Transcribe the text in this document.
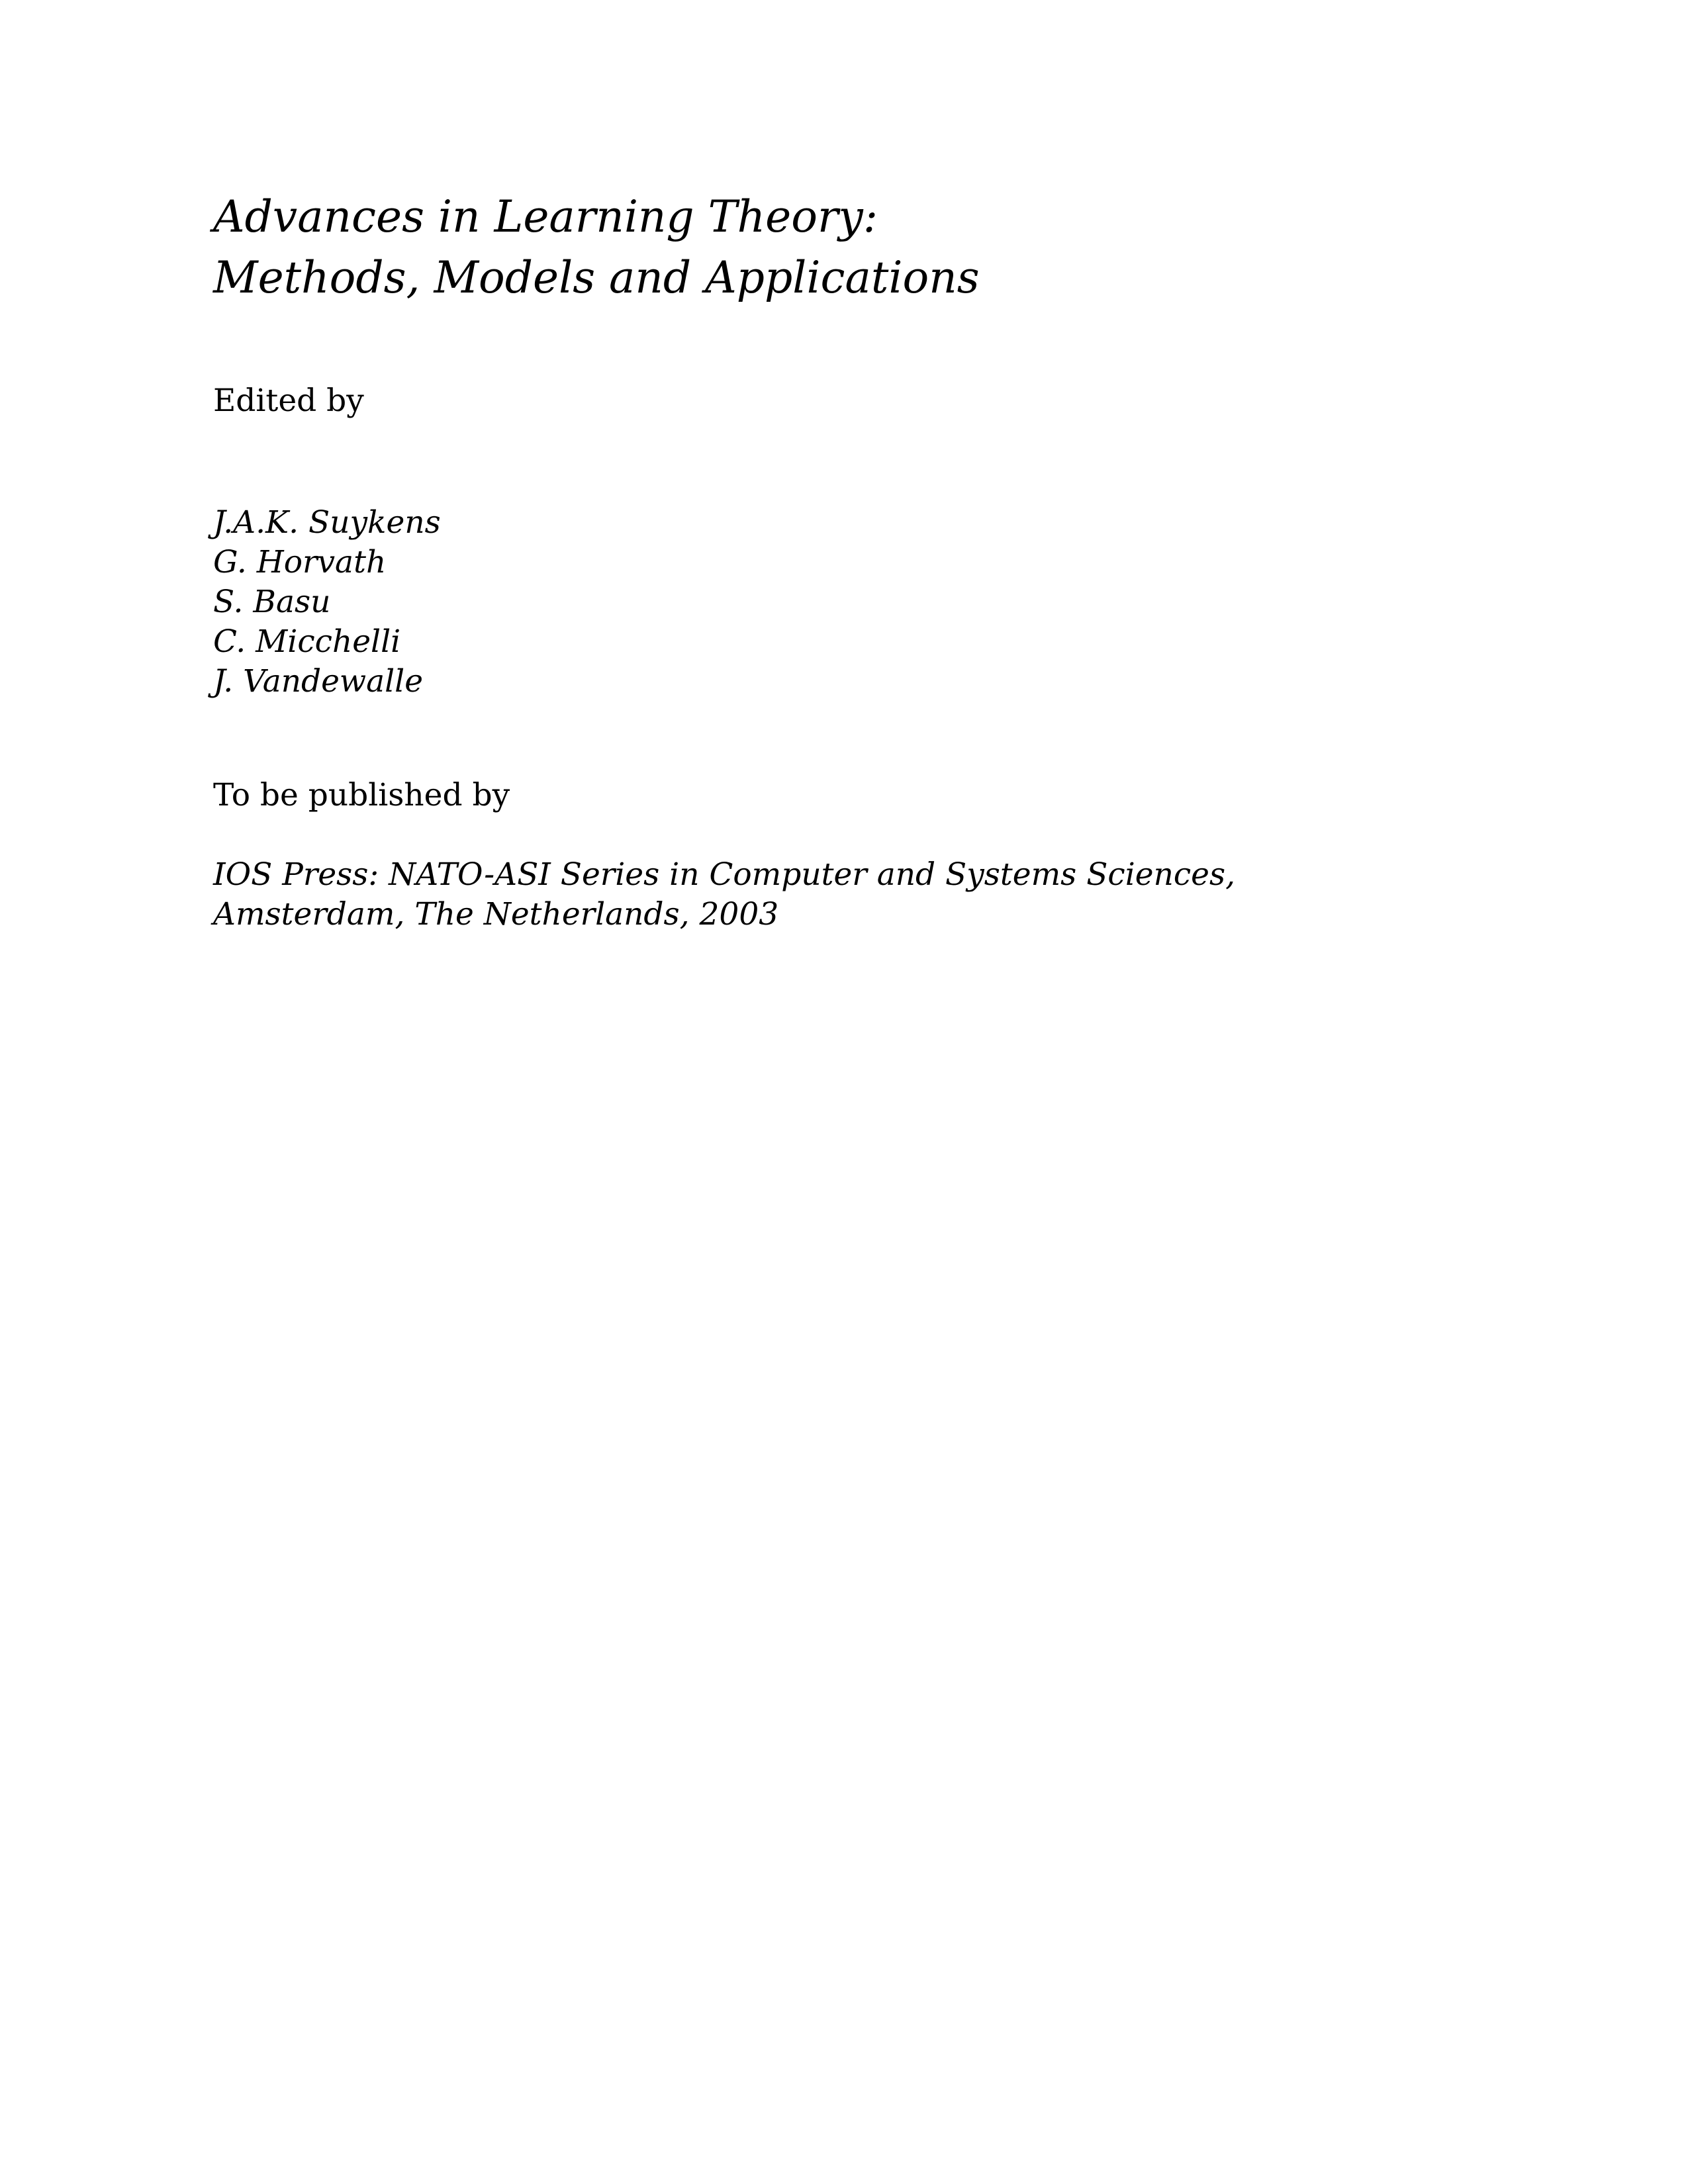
Advances in Learning Theory:
Methods, Models and Applications
Edited by
J.A.K. Suykens
G. Horvath
S. Basu
C. Micchelli
J. Vandewalle
To be published by
IOS Press: NATO-ASI Series in Computer and Systems Sciences,
Amsterdam, The Netherlands, 2003
